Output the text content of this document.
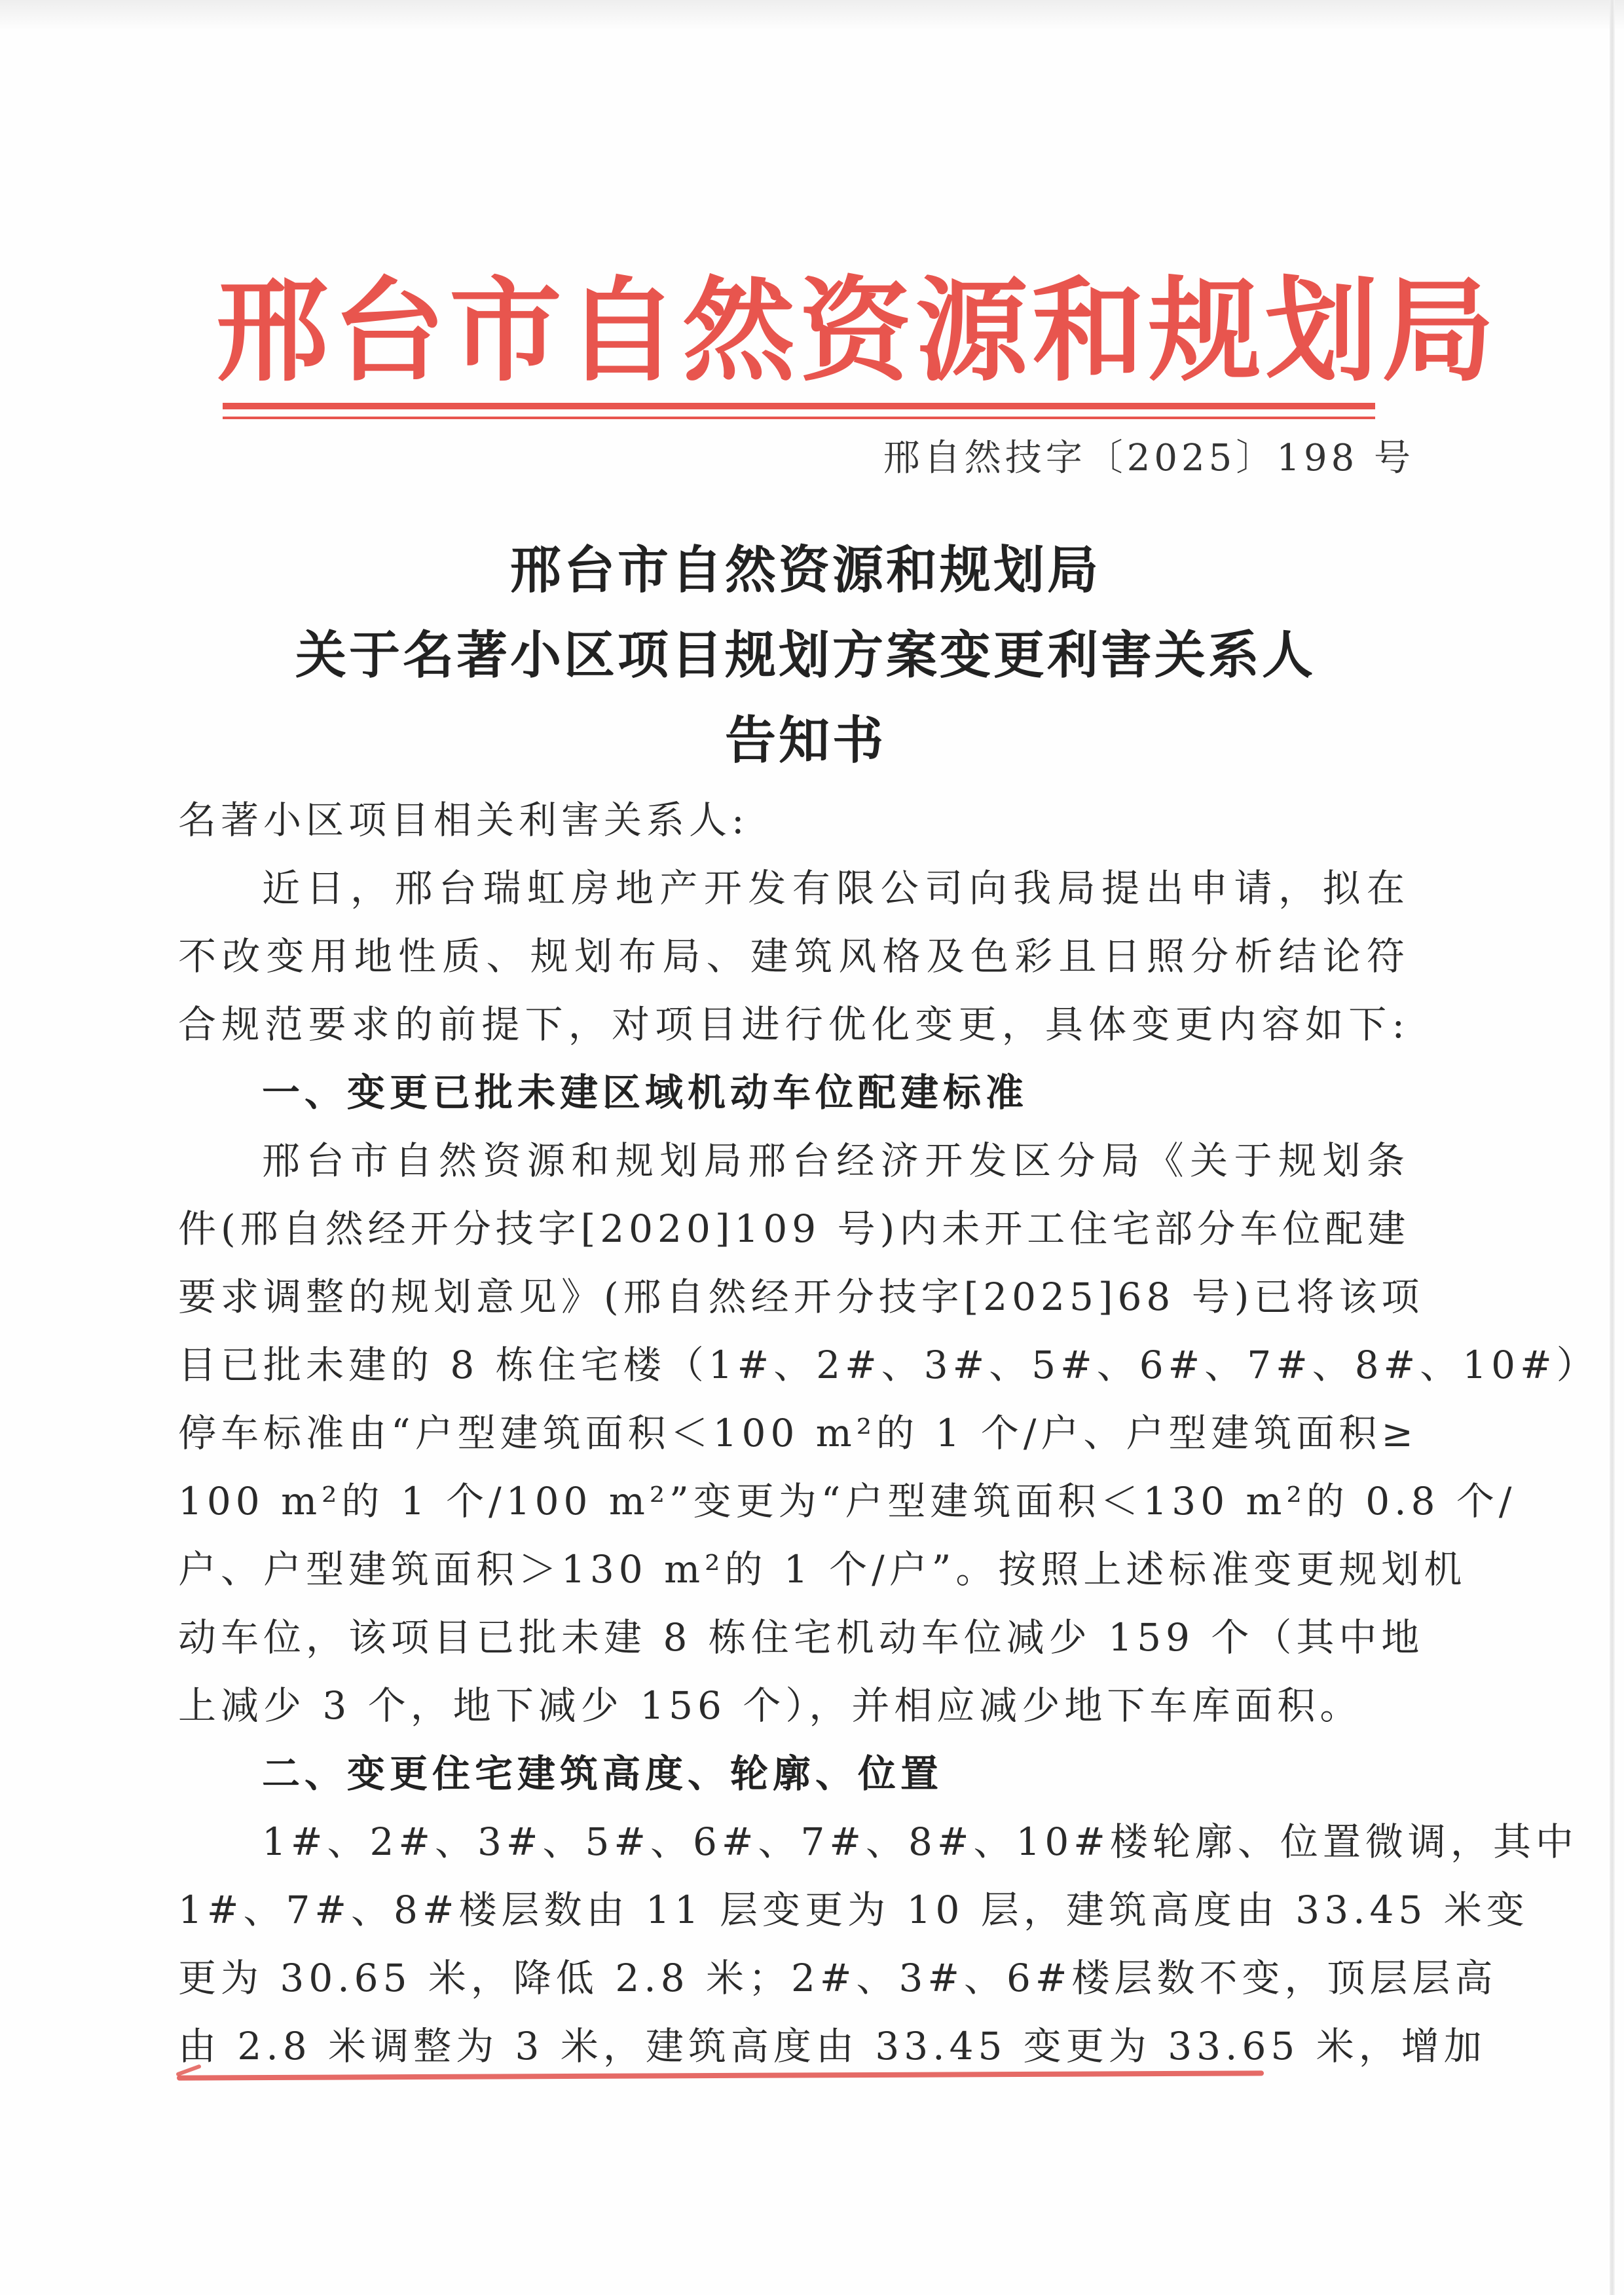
邢台市自然资源和规划局
邢自然技字〔2025〕198 号
邢台市自然资源和规划局
关于名著小区项目规划方案变更利害关系人
告知书
名著小区项目相关利害关系人:
近日，邢台瑞虹房地产开发有限公司向我局提出申请，拟在
不改变用地性质、规划布局、建筑风格及色彩且日照分析结论符
合规范要求的前提下，对项目进行优化变更，具体变更内容如下:
一、变更已批未建区域机动车位配建标准
邢台市自然资源和规划局邢台经济开发区分局《关于规划条
件(邢自然经开分技字[2020]109 号)内未开工住宅部分车位配建
要求调整的规划意见》(邢自然经开分技字[2025]68 号)已将该项
目已批未建的 8 栋住宅楼（1#、2#、3#、5#、6#、7#、8#、10#）
停车标准由“户型建筑面积＜100 m²的 1 个/户、户型建筑面积≥
100 m²的 1 个/100 m²”变更为“户型建筑面积＜130 m²的 0.8 个/
户、户型建筑面积＞130 m²的 1 个/户”。按照上述标准变更规划机
动车位，该项目已批未建 8 栋住宅机动车位减少 159 个（其中地
上减少 3 个，地下减少 156 个），并相应减少地下车库面积。
二、变更住宅建筑高度、轮廓、位置
1#、2#、3#、5#、6#、7#、8#、10#楼轮廓、位置微调，其中
1#、7#、8#楼层数由 11 层变更为 10 层，建筑高度由 33.45 米变
更为 30.65 米，降低 2.8 米；2#、3#、6#楼层数不变，顶层层高
由 2.8 米调整为 3 米，建筑高度由 33.45 变更为 33.65 米，增加
